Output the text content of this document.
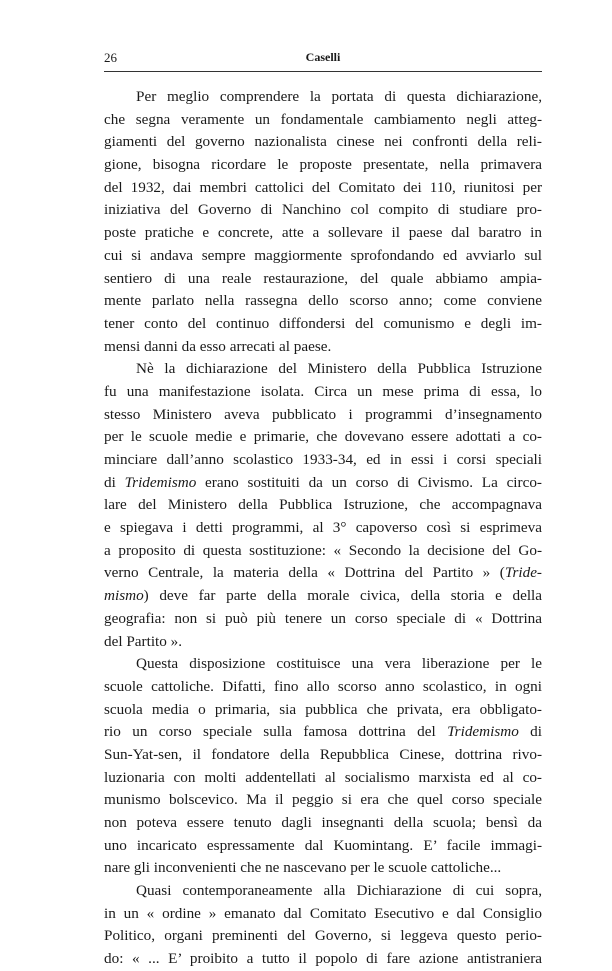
26	Caselli
Per meglio comprendere la portata di questa dichiarazione,
che segna veramente un fondamentale cambiamento negli atteg-
giamenti del governo nazionalista cinese nei confronti della reli-
gione, bisogna ricordare le proposte presentate, nella primavera
del 1932, dai membri cattolici del Comitato dei 110, riunitosi per
iniziativa del Governo di Nanchino col compito di studiare pro-
poste pratiche e concrete, atte a sollevare il paese dal baratro in
cui si andava sempre maggiormente sprofondando ed avviarlo sul
sentiero di una reale restaurazione, del quale abbiamo ampia-
mente parlato nella rassegna dello scorso anno; come conviene
tener conto del continuo diffondersi del comunismo e degli im-
mensi danni da esso arrecati al paese.
Nè la dichiarazione del Ministero della Pubblica Istruzione
fu una manifestazione isolata. Circa un mese prima di essa, lo
stesso Ministero aveva pubblicato i programmi d’insegnamento
per le scuole medie e primarie, che dovevano essere adottati a co-
minciare dall’anno scolastico 1933-34, ed in essi i corsi speciali
di Tridemismo erano sostituiti da un corso di Civismo. La circo-
lare del Ministero della Pubblica Istruzione, che accompagnava
e spiegava i detti programmi, al 3° capoverso così si esprimeva
a proposito di questa sostituzione: « Secondo la decisione del Go-
verno Centrale, la materia della « Dottrina del Partito » (Tride-
mismo) deve far parte della morale civica, della storia e della
geografia: non si può più tenere un corso speciale di « Dottrina
del Partito ».
Questa disposizione costituisce una vera liberazione per le
scuole cattoliche. Difatti, fino allo scorso anno scolastico, in ogni
scuola media o primaria, sia pubblica che privata, era obbligato-
rio un corso speciale sulla famosa dottrina del Tridemismo di
Sun-Yat-sen, il fondatore della Repubblica Cinese, dottrina rivo-
luzionaria con molti addentellati al socialismo marxista ed al co-
munismo bolscevico. Ma il peggio si era che quel corso speciale
non poteva essere tenuto dagli insegnanti della scuola; bensì da
uno incaricato espressamente dal Kuomintang. E’ facile immagi-
nare gli inconvenienti che ne nascevano per le scuole cattoliche...
Quasi contemporaneamente alla Dichiarazione di cui sopra,
in un « ordine » emanato dal Comitato Esecutivo e dal Consiglio
Politico, organi preminenti del Governo, si leggeva questo perio-
do: « ... E’ proibito a tutto il popolo di fare azione antistraniera
